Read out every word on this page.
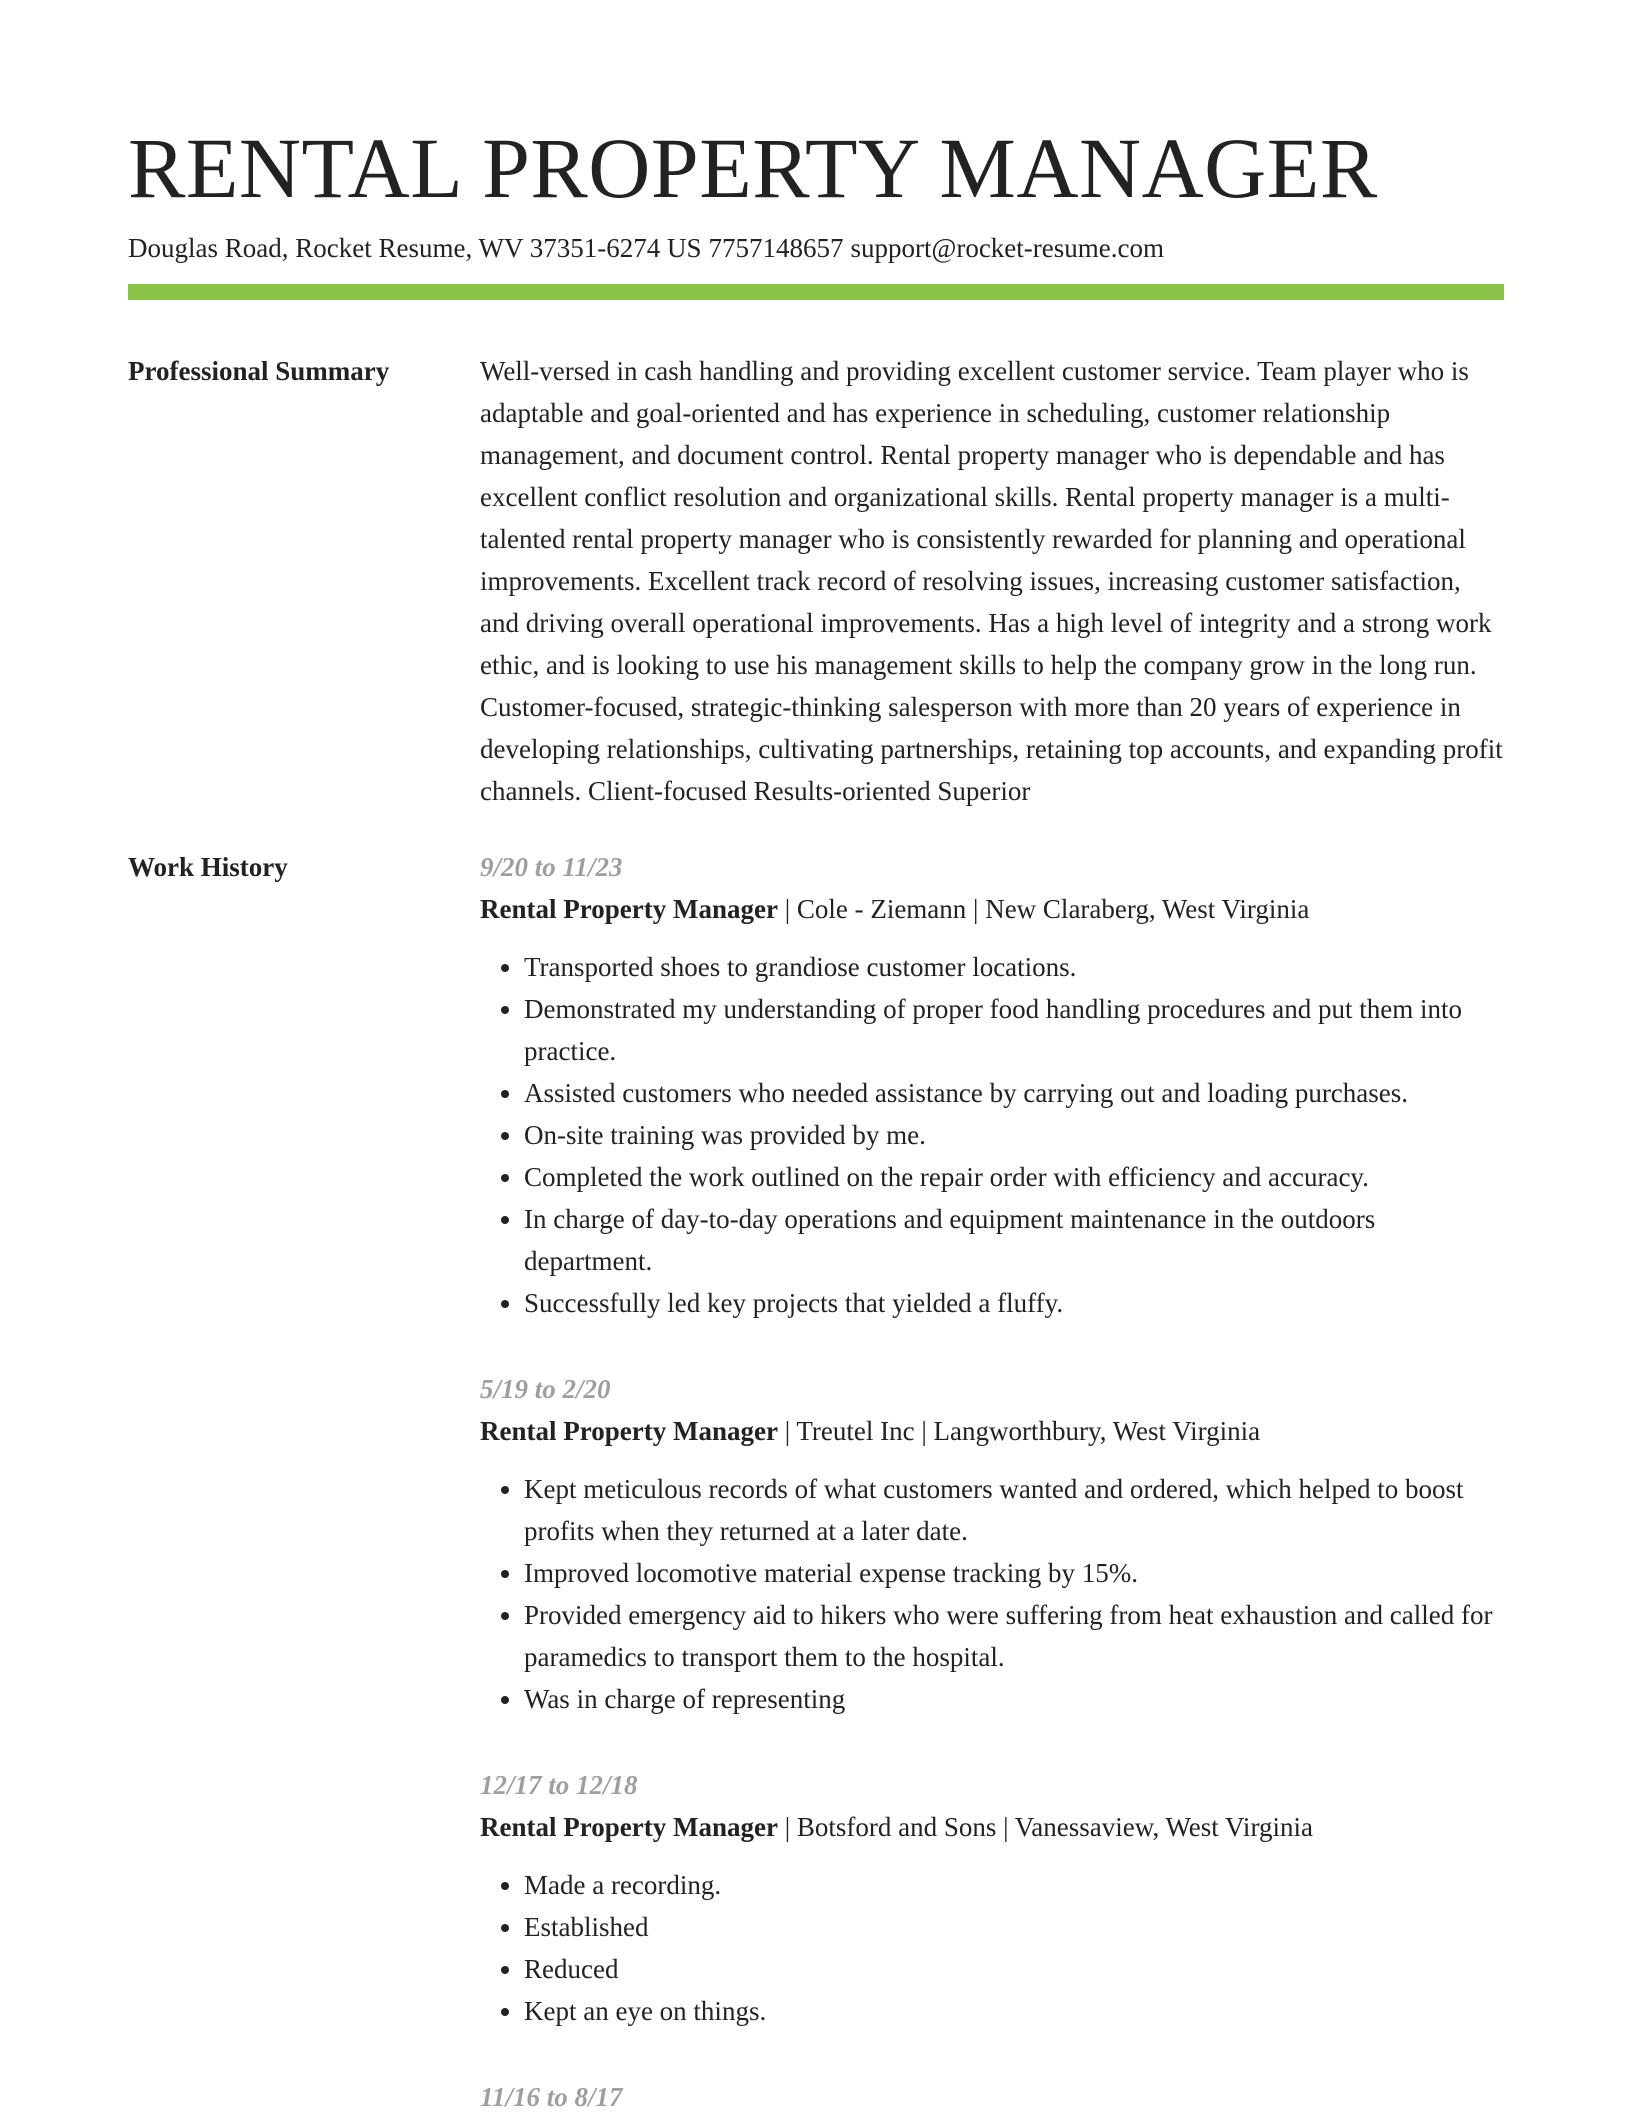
RENTAL PROPERTY MANAGER
Douglas Road, Rocket Resume, WV 37351-6274 US 7757148657 support@rocket-resume.com
Professional Summary	Well-versed in cash handling and providing excellent customer service. Team player who is adaptable and goal-oriented and has experience in scheduling, customer relationship management, and document control. Rental property manager who is dependable and has excellent conflict resolution and organizational skills. Rental property manager is a multi-talented rental property manager who is consistently rewarded for planning and operational improvements. Excellent track record of resolving issues, increasing customer satisfaction, and driving overall operational improvements. Has a high level of integrity and a strong work ethic, and is looking to use his management skills to help the company grow in the long run. Customer-focused, strategic-thinking salesperson with more than 20 years of experience in developing relationships, cultivating partnerships, retaining top accounts, and expanding profit channels. Client-focused Results-oriented Superior

Work History	9/20 to 11/23
Rental Property Manager | Cole - Ziemann | New Claraberg, West Virginia
• Transported shoes to grandiose customer locations.
• Demonstrated my understanding of proper food handling procedures and put them into practice.
• Assisted customers who needed assistance by carrying out and loading purchases.
• On-site training was provided by me.
• Completed the work outlined on the repair order with efficiency and accuracy.
• In charge of day-to-day operations and equipment maintenance in the outdoors department.
• Successfully led key projects that yielded a fluffy.
5/19 to 2/20
Rental Property Manager | Treutel Inc | Langworthbury, West Virginia
• Kept meticulous records of what customers wanted and ordered, which helped to boost profits when they returned at a later date.
• Improved locomotive material expense tracking by 15%.
• Provided emergency aid to hikers who were suffering from heat exhaustion and called for paramedics to transport them to the hospital.
• Was in charge of representing
12/17 to 12/18
Rental Property Manager | Botsford and Sons | Vanessaview, West Virginia
• Made a recording.
• Established
• Reduced
• Kept an eye on things.
11/16 to 8/17
